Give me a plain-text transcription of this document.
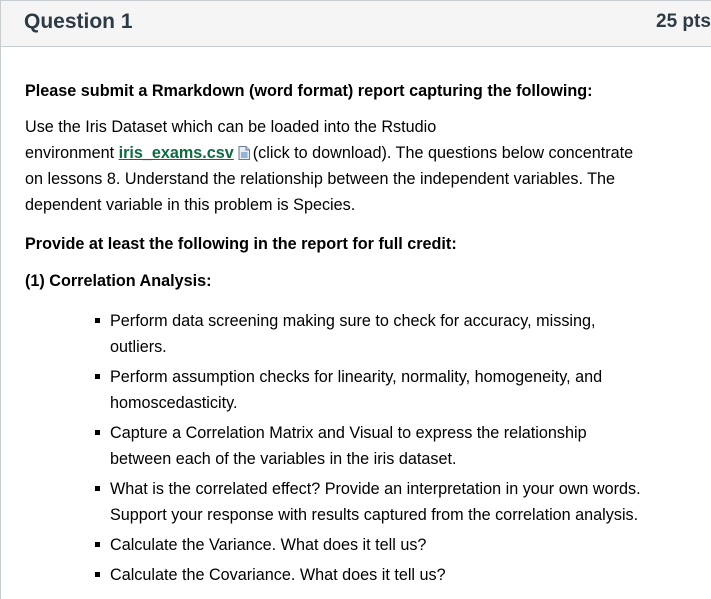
Question 1	25 pts

Please submit a Rmarkdown (word format) report capturing the following:

Use the Iris Dataset which can be loaded into the Rstudio

environment iris_exams.csv (click to download). The questions below concentrate

on lessons 8. Understand the relationship between the independent variables. The

dependent variable in this problem is Species.

Provide at least the following in the report for full credit:

(1) Correlation Analysis:

Perform data screening making sure to check for accuracy, missing,
outliers.
Perform assumption checks for linearity, normality, homogeneity, and
homoscedasticity.
Capture a Correlation Matrix and Visual to express the relationship
between each of the variables in the iris dataset.
What is the correlated effect? Provide an interpretation in your own words.
Support your response with results captured from the correlation analysis.
Calculate the Variance. What does it tell us?
Calculate the Covariance. What does it tell us?
